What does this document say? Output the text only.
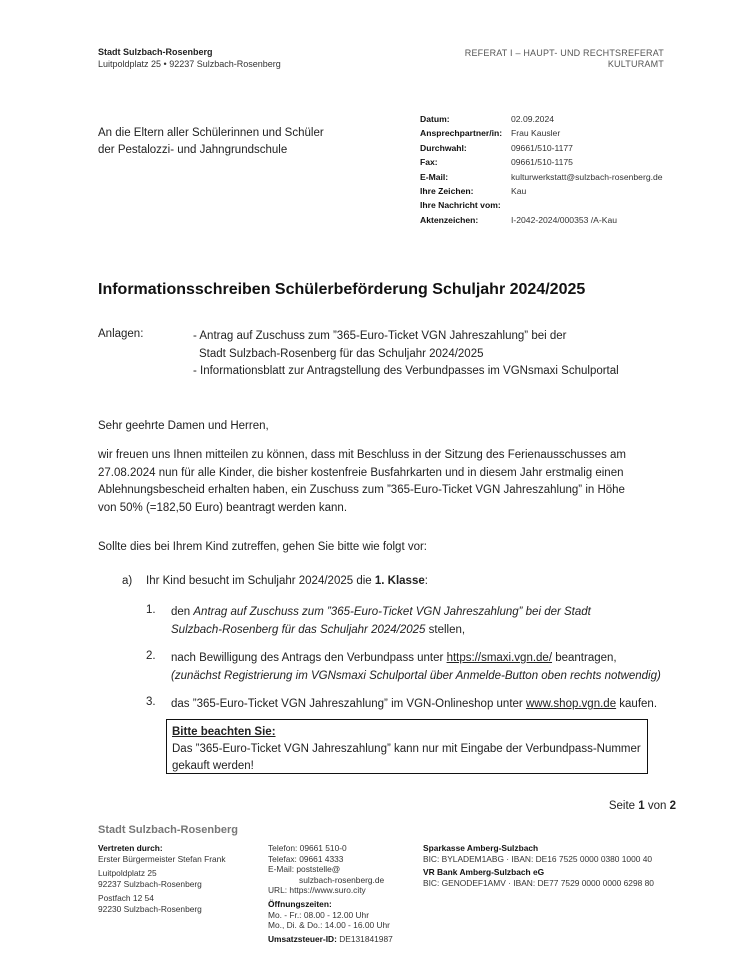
Stadt Sulzbach-Rosenberg
Luitpoldplatz 25 • 92237 Sulzbach-Rosenberg
REFERAT I – HAUPT- UND RECHTSREFERAT
KULTURAMT
An die Eltern aller Schülerinnen und Schüler
der Pestalozzi- und Jahngrundschule
Datum:	02.09.2024
Ansprechpartner/in:	Frau Kausler
Durchwahl:	09661/510-1177
Fax:	09661/510-1175
E-Mail:	kulturwerkstatt@sulzbach-rosenberg.de
Ihre Zeichen:	Kau
Ihre Nachricht vom:
Aktenzeichen:	I-2042-2024/000353 /A-Kau
Informationsschreiben Schülerbeförderung Schuljahr 2024/2025
Anlagen:	- Antrag auf Zuschuss zum ”365-Euro-Ticket VGN Jahreszahlung” bei der
Stadt Sulzbach-Rosenberg für das Schuljahr 2024/2025
- Informationsblatt zur Antragstellung des Verbundpasses im VGNsmaxi Schulportal
Sehr geehrte Damen und Herren,
wir freuen uns Ihnen mitteilen zu können, dass mit Beschluss in der Sitzung des Ferienausschusses am
27.08.2024 nun für alle Kinder, die bisher kostenfreie Busfahrkarten und in diesem Jahr erstmalig einen
Ablehnungsbescheid erhalten haben, ein Zuschuss zum ”365-Euro-Ticket VGN Jahreszahlung” in Höhe
von 50% (=182,50 Euro) beantragt werden kann.
Sollte dies bei Ihrem Kind zutreffen, gehen Sie bitte wie folgt vor:
a) Ihr Kind besucht im Schuljahr 2024/2025 die 1. Klasse:
1. den Antrag auf Zuschuss zum ”365-Euro-Ticket VGN Jahreszahlung” bei der Stadt
Sulzbach-Rosenberg für das Schuljahr 2024/2025 stellen,
2. nach Bewilligung des Antrags den Verbundpass unter https://smaxi.vgn.de/ beantragen,
(zunächst Registrierung im VGNsmaxi Schulportal über Anmelde-Button oben rechts notwendig)
3. das ”365-Euro-Ticket VGN Jahreszahlung” im VGN-Onlineshop unter www.shop.vgn.de kaufen.
Bitte beachten Sie:
Das ”365-Euro-Ticket VGN Jahreszahlung” kann nur mit Eingabe der Verbundpass-Nummer
gekauft werden!
Seite 1 von 2
Stadt Sulzbach-Rosenberg
Vertreten durch:
Erster Bürgermeister Stefan Frank
Luitpoldplatz 25
92237 Sulzbach-Rosenberg
Postfach 12 54
92230 Sulzbach-Rosenberg
Telefon: 09661 510-0
Telefax: 09661 4333
E-Mail: poststelle@
sulzbach-rosenberg.de
URL: https://www.suro.city
Öffnungszeiten:
Mo. - Fr.: 08.00 - 12.00 Uhr
Mo., Di. & Do.: 14.00 - 16.00 Uhr
Umsatzsteuer-ID: DE131841987
Sparkasse Amberg-Sulzbach
BIC: BYLADEM1ABG · IBAN: DE16 7525 0000 0380 1000 40
VR Bank Amberg-Sulzbach eG
BIC: GENODEF1AMV · IBAN: DE77 7529 0000 0000 6298 80
